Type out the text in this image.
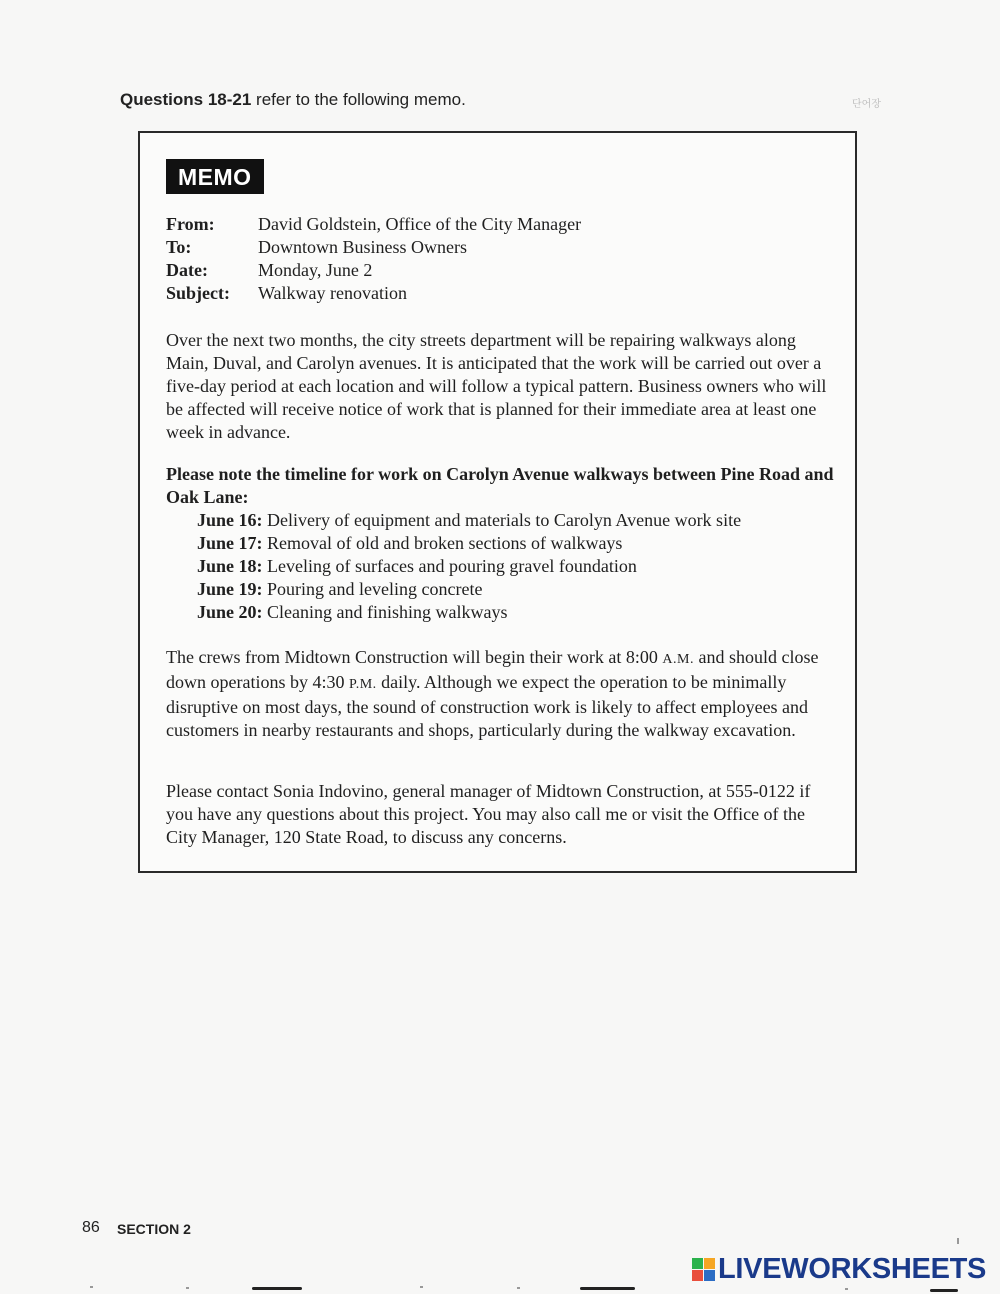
Questions 18-21 refer to the following memo.	단어장
MEMO
From:	David Goldstein, Office of the City Manager
To:	Downtown Business Owners
Date:	Monday, June 2
Subject:	Walkway renovation

Over the next two months, the city streets department will be repairing walkways along Main, Duval, and Carolyn avenues. It is anticipated that the work will be carried out over a five-day period at each location and will follow a typical pattern. Business owners who will be affected will receive notice of work that is planned for their immediate area at least one week in advance.

Please note the timeline for work on Carolyn Avenue walkways between Pine Road and Oak Lane:

June 16: Delivery of equipment and materials to Carolyn Avenue work site
June 17: Removal of old and broken sections of walkways
June 18: Leveling of surfaces and pouring gravel foundation
June 19: Pouring and leveling concrete
June 20: Cleaning and finishing walkways

The crews from Midtown Construction will begin their work at 8:00 A.M. and should close down operations by 4:30 P.M. daily. Although we expect the operation to be minimally disruptive on most days, the sound of construction work is likely to affect employees and customers in nearby restaurants and shops, particularly during the walkway excavation.

Please contact Sonia Indovino, general manager of Midtown Construction, at 555-0122 if you have any questions about this project. You may also call me or visit the Office of the City Manager, 120 State Road, to discuss any concerns.

86 SECTION 2
LIVEWORKSHEETS
